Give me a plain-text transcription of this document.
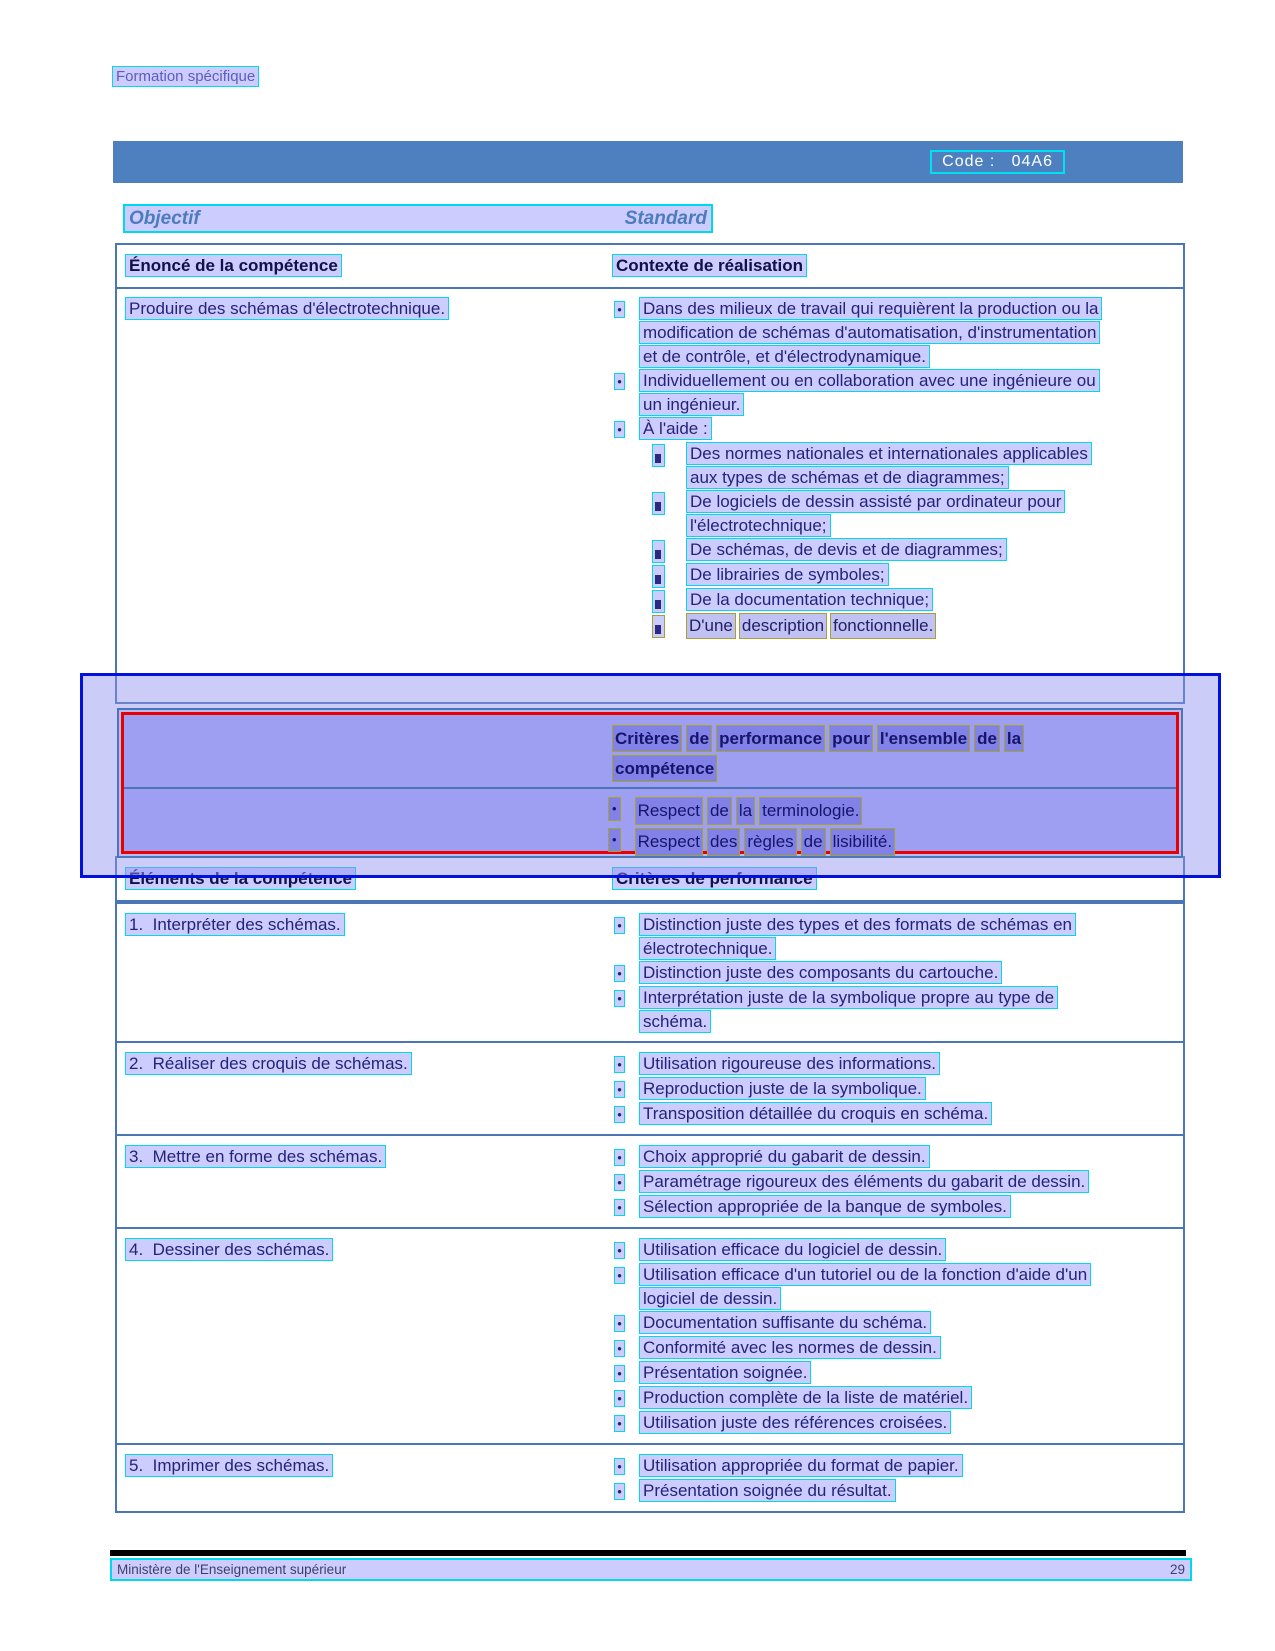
Formation spécifique
Code :   04A6
Objectif	Standard
Énoncé de la compétence	Contexte de réalisation
Produire des schémas d'électrotechnique.	•	Dans des milieux de travail qui requièrent la production ou la modification de schémas d'automatisation, d'instrumentation et de contrôle, et d'électrodynamique.
•	Individuellement ou en collaboration avec une ingénieure ou un ingénieur.
•	À l'aide :
Des normes nationales et internationales applicables aux types de schémas et de diagrammes;
De logiciels de dessin assisté par ordinateur pour l'électrotechnique;
De schémas, de devis et de diagrammes;
De librairies de symboles;
De la documentation technique;
D'une description fonctionnelle.
Critères de performance pour l'ensemble de lacompétence
• Respect de la terminologie.
• Respect des règles de lisibilité.
Éléments de la compétence	Critères de performance
1.  Interpréter des schémas.	•	Distinction juste des types et des formats de schémas en électrotechnique.
•	Distinction juste des composants du cartouche.
•	Interprétation juste de la symbolique propre au type de schéma.
2.  Réaliser des croquis de schémas.	•	Utilisation rigoureuse des informations.
•	Reproduction juste de la symbolique.
•	Transposition détaillée du croquis en schéma.
3.  Mettre en forme des schémas.	•	Choix approprié du gabarit de dessin.
•	Paramétrage rigoureux des éléments du gabarit de dessin.
•	Sélection appropriée de la banque de symboles.
4.  Dessiner des schémas.	•	Utilisation efficace du logiciel de dessin.
•	Utilisation efficace d'un tutoriel ou de la fonction d'aide d'un logiciel de dessin.
•	Documentation suffisante du schéma.
•	Conformité avec les normes de dessin.
•	Présentation soignée.
•	Production complète de la liste de matériel.
•	Utilisation juste des références croisées.
5.  Imprimer des schémas.	•	Utilisation appropriée du format de papier.
•	Présentation soignée du résultat.
Ministère de l'Enseignement supérieur	29
